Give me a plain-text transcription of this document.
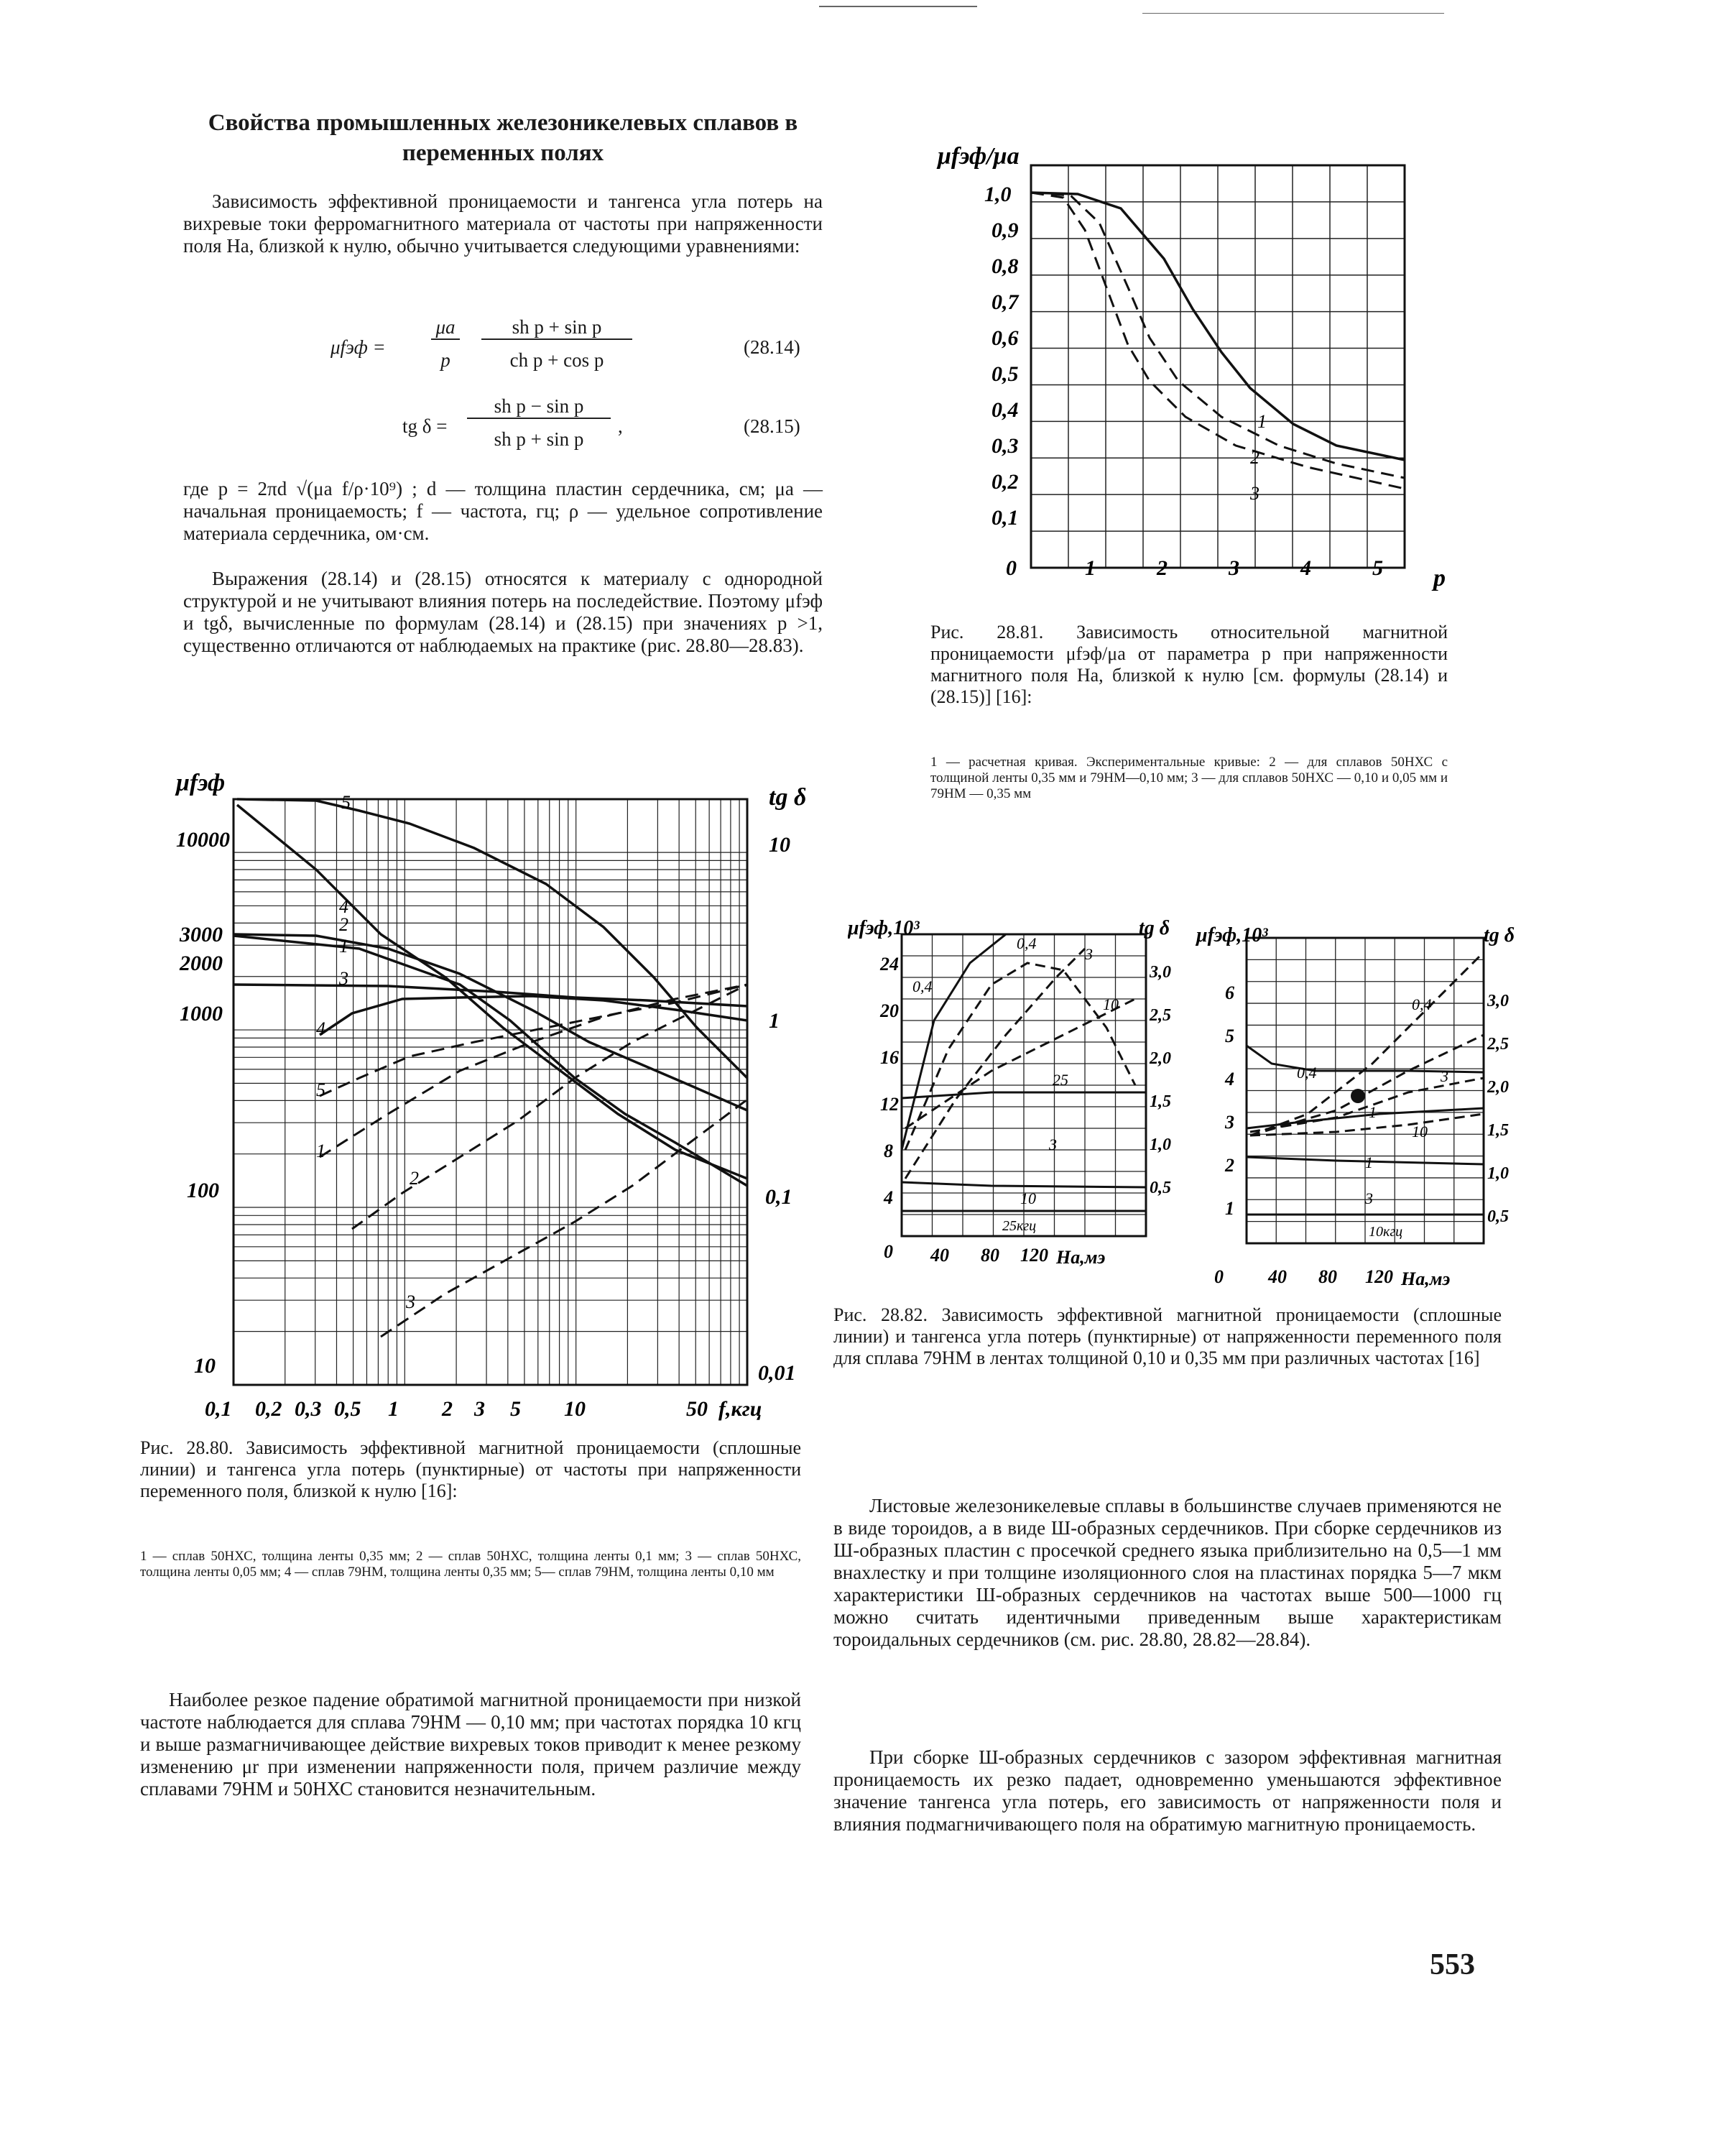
Свойства промышленных железоникелевых сплавов в переменных полях
Зависимость эффективной проницаемости и тангенса угла потерь на вихревые токи ферромагнитного материала от частоты при напряженности поля Ha, близкой к нулю, обычно учитывается следующими уравнениями:
μfэф =
μa
p
sh p + sin p
ch p + cos p
(28.14)
tg δ =
sh p − sin p
sh p + sin p
,	(28.15)
где p = 2πd √(μa f/ρ·10⁹) ; d — толщина пластин сердечника, см; μa — начальная проницаемость; f — частота, гц; ρ — удельное сопротивление материала сердечника, ом·см.
Выражения (28.14) и (28.15) относятся к материалу с однородной структурой и не учитывают влияния потерь на последействие. Поэтому μfэф и tgδ, вычисленные по формулам (28.14) и (28.15) при значениях p >1, существенно отличаются от наблюдаемых на практике (рис. 28.80—28.83).
μfэф
tg δ
10000
3000
2000
1000
100
10
10
1
0,1
0,01
0,1 0,2 0,3 0,5 1 2 3 5 10	50 f,кгц
5
4
2
1
3
4
5
1
2
3
Рис. 28.80. Зависимость эффективной магнитной проницаемости (сплошные линии) и тангенса угла потерь (пунктирные) от частоты при напряженности переменного поля, близкой к нулю [16]:
1 — сплав 50НХС, толщина ленты 0,35 мм; 2 — сплав 50НХС, толщина ленты 0,1 мм; 3 — сплав 50НХС, толщина ленты 0,05 мм; 4 — сплав 79НМ, толщина ленты 0,35 мм; 5— сплав 79НМ, толщина ленты 0,10 мм
Наиболее резкое падение обратимой магнитной проницаемости при низкой частоте наблюдается для сплава 79НМ — 0,10 мм; при частотах порядка 10 кгц и выше размагничивающее действие вихревых токов приводит к менее резкому изменению μr при изменении напряженности поля, причем различие между сплавами 79НМ и 50НХС становится незначительным.
μfэф/μa
1,0
0,9
0,8
0,7
0,6
0,5
0,4
0,3
0,2
0,1
0	1	2	3	4	5 p
1
2
3
Рис. 28.81. Зависимость относительной магнитной проницаемости μfэф/μa от параметра p при напряженности магнитного поля Ha, близкой к нулю [см. формулы (28.14) и (28.15)] [16]:
1 — расчетная кривая. Экспериментальные кривые: 2 — для сплавов 50НХС с толщиной ленты 0,35 мм и 79НМ—0,10 мм; 3 — для сплавов 50НХС — 0,10 и 0,05 мм и 79НМ — 0,35 мм
μfэф,10³	tg δ
24
20
16
12
8
4
0
3,0
2,5
2,0
1,5
1,0
0,5
40 80 120 Ha,мэ
0,4
0,4
3
10
25
3
10
25кгц
μfэф,10³	tg δ
6
5
4
3
2
1
3,0
2,5
2,0
1,5
1,0
0,5
0 40 80 120 Ha,мэ
0,4
0,4	3
1
10
1
3
10кгц
Рис. 28.82. Зависимость эффективной магнитной проницаемости (сплошные линии) и тангенса угла потерь (пунктирные) от напряженности переменного поля для сплава 79НМ в лентах толщиной 0,10 и 0,35 мм при различных частотах [16]
Листовые железоникелевые сплавы в большинстве случаев применяются не в виде тороидов, а в виде Ш-образных сердечников. При сборке сердечников из Ш-образных пластин с просечкой среднего языка приблизительно на 0,5—1 мм внахлестку и при толщине изоляционного слоя на пластинах порядка 5—7 мкм характеристики Ш-образных сердечников на частотах выше 500—1000 гц можно считать идентичными приведенным выше характеристикам тороидальных сердечников (см. рис. 28.80, 28.82—28.84).
При сборке Ш-образных сердечников с зазором эффективная магнитная проницаемость их резко падает, одновременно уменьшаются эффективное значение тангенса угла потерь, его зависимость от напряженности поля и влияния подмагничивающего поля на обратимую магнитную проницаемость.
553
